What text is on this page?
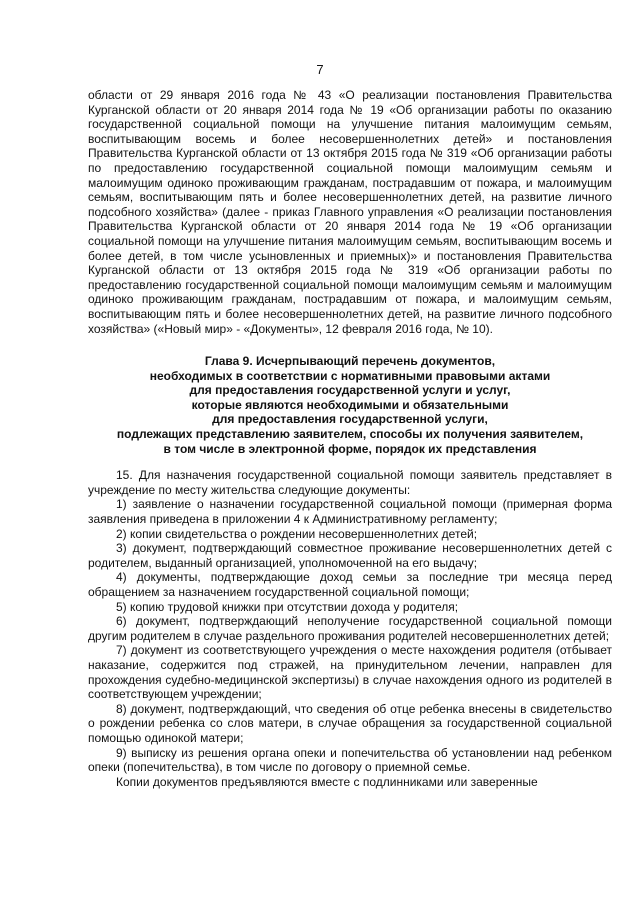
7

области от 29 января 2016 года № 43 «О реализации постановления Правительства Курганской области от 20 января 2014 года № 19 «Об организации работы по оказанию государственной социальной помощи на улучшение питания малоимущим семьям, воспитывающим восемь и более несовершеннолетних детей» и постановления Правительства Курганской области от 13 октября 2015 года № 319 «Об организации работы по предоставлению государственной социальной помощи малоимущим семьям и малоимущим одиноко проживающим гражданам, пострадавшим от пожара, и малоимущим семьям, воспитывающим пять и более несовершеннолетних детей, на развитие личного подсобного хозяйства» (далее - приказ Главного управления «О реализации постановления Правительства Курганской области от 20 января 2014 года № 19 «Об организации социальной помощи на улучшение питания малоимущим семьям, воспитывающим восемь и более детей, в том числе усыновленных и приемных)» и постановления Правительства Курганской области от 13 октября 2015 года № 319 «Об организации работы по предоставлению государственной социальной помощи малоимущим семьям и малоимущим одиноко проживающим гражданам, пострадавшим от пожара, и малоимущим семьям, воспитывающим пять и более несовершеннолетних детей, на развитие личного подсобного хозяйства» («Новый мир» - «Документы», 12 февраля 2016 года, № 10).

Глава 9. Исчерпывающий перечень документов,
необходимых в соответствии с нормативными правовыми актами
для предоставления государственной услуги и услуг,
которые являются необходимыми и обязательными
для предоставления государственной услуги,
подлежащих представлению заявителем, способы их получения заявителем,
в том числе в электронной форме, порядок их представления

15. Для назначения государственной социальной помощи заявитель представляет в учреждение по месту жительства следующие документы:

1) заявление о назначении государственной социальной помощи (примерная форма заявления приведена в приложении 4 к Административному регламенту;

2) копии свидетельства о рождении несовершеннолетних детей;

3) документ, подтверждающий совместное проживание несовершеннолетних детей с родителем, выданный организацией, уполномоченной на его выдачу;

4) документы, подтверждающие доход семьи за последние три месяца перед обращением за назначением государственной социальной помощи;

5) копию трудовой книжки при отсутствии дохода у родителя;

6) документ, подтверждающий неполучение государственной социальной помощи другим родителем в случае раздельного проживания родителей несовершеннолетних детей;

7) документ из соответствующего учреждения о месте нахождения родителя (отбывает наказание, содержится под стражей, на принудительном лечении, направлен для прохождения судебно-медицинской экспертизы) в случае нахождения одного из родителей в соответствующем учреждении;

8) документ, подтверждающий, что сведения об отце ребенка внесены в свидетельство о рождении ребенка со слов матери, в случае обращения за государственной социальной помощью одинокой матери;

9) выписку из решения органа опеки и попечительства об установлении над ребенком опеки (попечительства), в том числе по договору о приемной семье.

Копии документов предъявляются вместе с подлинниками или заверенные
